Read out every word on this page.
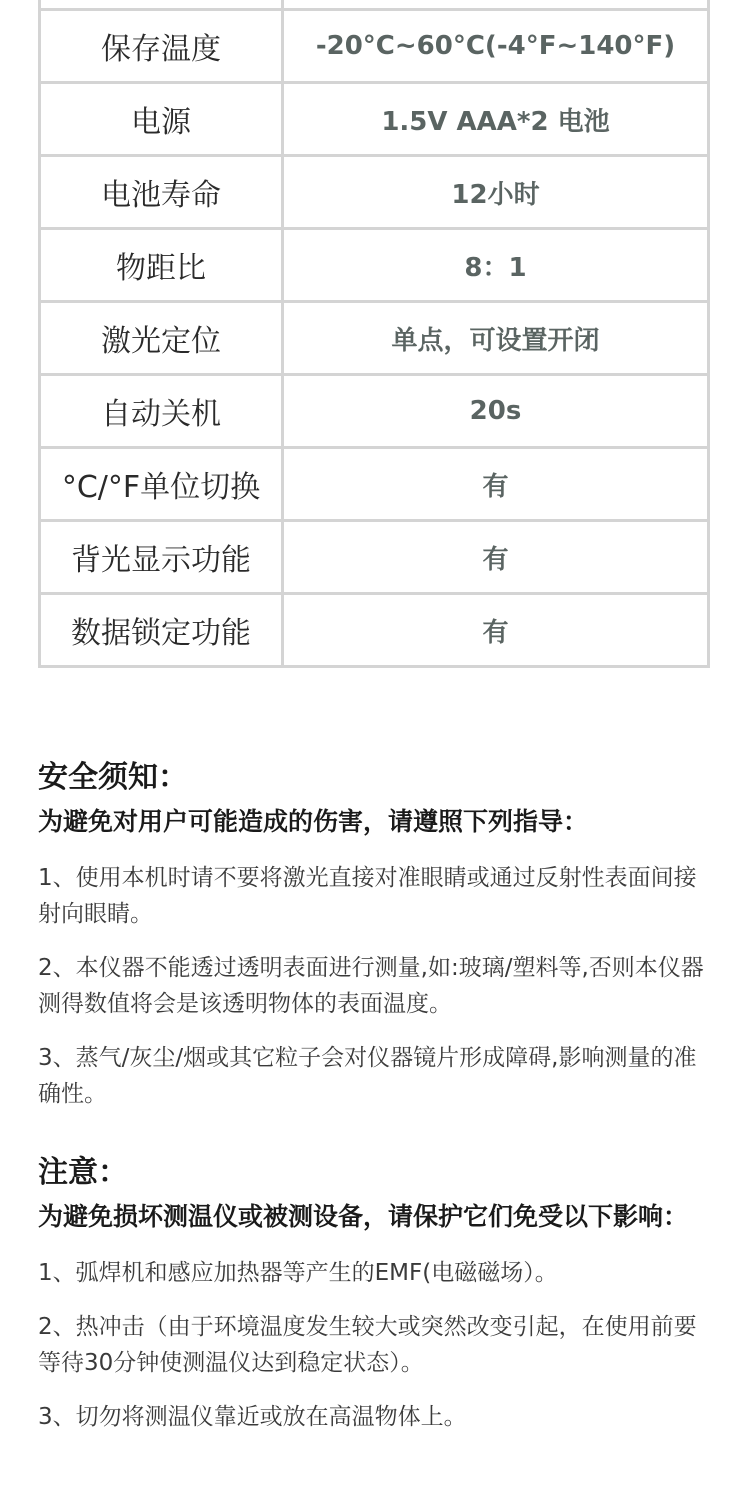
保存温度	-20°C~60°C(-4°F~140°F)
电源	1.5V AAA*2 电池
电池寿命	12小时
物距比	8：1
激光定位	单点，可设置开闭
自动关机	20s
°C/°F单位切换	有
背光显示功能	有
数据锁定功能	有
安全须知：
为避免对用户可能造成的伤害，请遵照下列指导：

1、使用本机时请不要将激光直接对准眼睛或通过反射性表面间接射向眼睛。

2、本仪器不能透过透明表面进行测量,如:玻璃/塑料等,否则本仪器测得数值将会是该透明物体的表面温度。

3、蒸气/灰尘/烟或其它粒子会对仪器镜片形成障碍,影响测量的准确性。

注意：
为避免损坏测温仪或被测设备，请保护它们免受以下影响：

1、弧焊机和感应加热器等产生的EMF(电磁磁场）。

2、热冲击（由于环境温度发生较大或突然改变引起，在使用前要等待30分钟使测温仪达到稳定状态）。

3、切勿将测温仪靠近或放在高温物体上。
